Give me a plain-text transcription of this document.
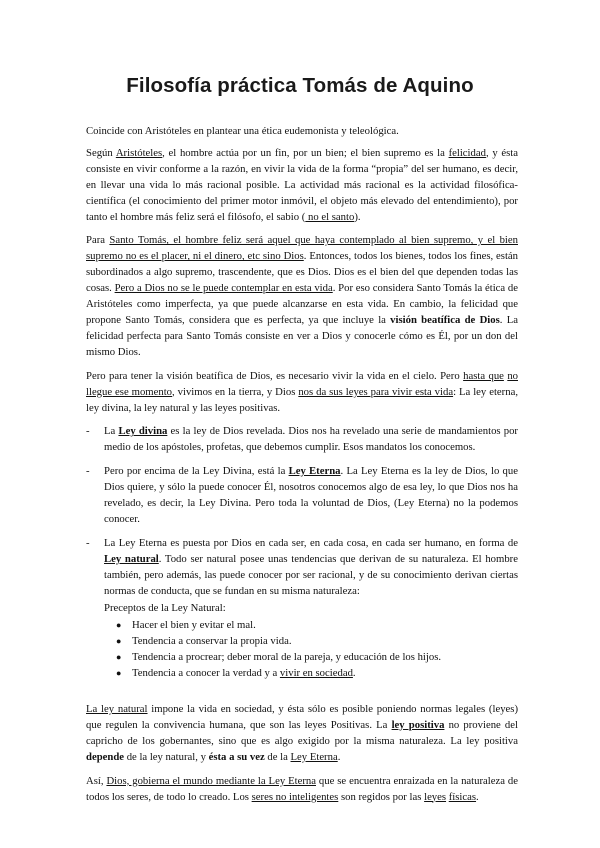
Filosofía práctica Tomás de Aquino

Coincide con Aristóteles en plantear una ética eudemonista y teleológica.

Según Aristóteles, el hombre actúa por un fin, por un bien; el bien supremo es la felicidad, y ésta consiste en vivir conforme a la razón, en vivir la vida de la forma “propia” del ser humano, es decir, en llevar una vida lo más racional posible. La actividad más racional es la actividad filosófica-científica (el conocimiento del primer motor inmóvil, el objeto más elevado del entendimiento), por tanto el hombre más feliz será el filósofo, el sabio ( no el santo).

Para Santo Tomás, el hombre feliz será aquel que haya contemplado al bien supremo, y el bien supremo no es el placer, ni el dinero, etc sino Dios. Entonces, todos los bienes, todos los fines, están subordinados a algo supremo, trascendente, que es Dios. Dios es el bien del que dependen todas las cosas. Pero a Dios no se le puede contemplar en esta vida. Por eso considera Santo Tomás la ética de Aristóteles como imperfecta, ya que puede alcanzarse en esta vida. En cambio, la felicidad que propone Santo Tomás, considera que es perfecta, ya que incluye la visión beatífica de Dios. La felicidad perfecta para Santo Tomás consiste en ver a Dios y conocerle cómo es Él, por un don del mismo Dios.

Pero para tener la visión beatífica de Dios, es necesario vivir la vida en el cielo. Pero hasta que no llegue ese momento, vivimos en la tierra, y Dios nos da sus leyes para vivir esta vida: La ley eterna, ley divina, la ley natural y las leyes positivas.

- La Ley divina es la ley de Dios revelada. Dios nos ha revelado una serie de mandamientos por medio de los apóstoles, profetas, que debemos cumplir. Esos mandatos los conocemos.
- Pero por encima de la Ley Divina, está la Ley Eterna. La Ley Eterna es la ley de Dios, lo que Dios quiere, y sólo la puede conocer Él, nosotros conocemos algo de esa ley, lo que Dios nos ha revelado, es decir, la Ley Divina. Pero toda la voluntad de Dios, (Ley Eterna) no la podemos conocer.
- La Ley Eterna es puesta por Dios en cada ser, en cada cosa, en cada ser humano, en forma de Ley natural. Todo ser natural posee unas tendencias que derivan de su naturaleza. El hombre también, pero además, las puede conocer por ser racional, y de su conocimiento derivan ciertas normas de conducta, que se fundan en su misma naturaleza:
Preceptos de la Ley Natural:
● Hacer el bien y evitar el mal.
● Tendencia a conservar la propia vida.
● Tendencia a procrear; deber moral de la pareja, y educación de los hijos.
● Tendencia a conocer la verdad y a vivir en sociedad.

La ley natural impone la vida en sociedad, y ésta sólo es posible poniendo normas legales (leyes) que regulen la convivencia humana, que son las leyes Positivas. La ley positiva no proviene del capricho de los gobernantes, sino que es algo exigido por la misma naturaleza. La ley positiva depende de la ley natural, y ésta a su vez de la Ley Eterna.

Así, Dios, gobierna el mundo mediante la Ley Eterna que se encuentra enraizada en la naturaleza de todos los seres, de todo lo creado. Los seres no inteligentes son regidos por las leyes físicas.
